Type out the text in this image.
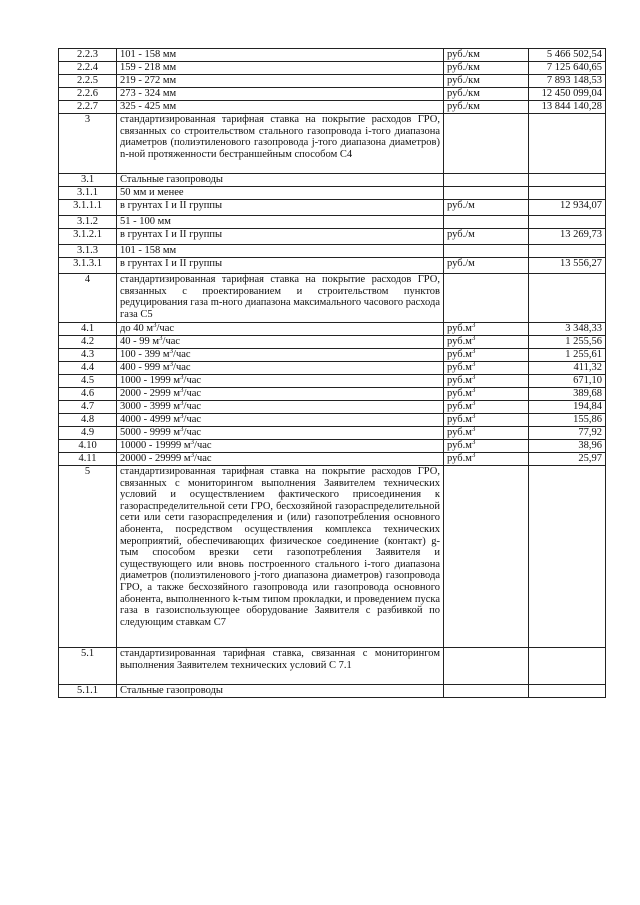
2.2.3	101 - 158 мм	руб./км	5 466 502,54
2.2.4	159 - 218 мм	руб./км	7 125 640,65
2.2.5	219 - 272 мм	руб./км	7 893 148,53
2.2.6	273 - 324 мм	руб./км	12 450 099,04
2.2.7	325 - 425 мм	руб./км	13 844 140,28
3	стандартизированная тарифная ставка на покрытие расходов ГРО, связанных со строительством стального газопровода i-того диапазона диаметров (полиэтиленового газопровода j-того диапазона диаметров) n-ной протяженности бестраншейным способом С4		
3.1	Стальные газопроводы		
3.1.1	50 мм и менее		
3.1.1.1	в грунтах I и II группы	руб./м	12 934,07
3.1.2	51 - 100 мм		
3.1.2.1	в грунтах I и II группы	руб./м	13 269,73
3.1.3	101 - 158 мм		
3.1.3.1	в грунтах I и II группы	руб./м	13 556,27
4	стандартизированная тарифная ставка на покрытие расходов ГРО, связанных с проектированием и строительством пунктов редуцирования газа m-ного диапазона максимального часового расхода газа С5		
4.1	до 40 $м^3$/час	$руб.м^3$	3 348,33
4.2	40 - 99 $м^3$/час	$руб.м^3$	1 255,56
4.3	100 - 399 $м^3$/час	$руб.м^3$	1 255,61
4.4	400 - 999 $м^3$/час	$руб.м^3$	411,32
4.5	1000 - 1999 $м^3$/час	$руб.м^3$	671,10
4.6	2000 - 2999 $м^3$/час	$руб.м^3$	389,68
4.7	3000 - 3999 $м^3$/час	$руб.м^3$	194,84
4.8	4000 - 4999 $м^3$/час	$руб.м^3$	155,86
4.9	5000 - 9999 $м^3$/час	$руб.м^3$	77,92
4.10	10000 - 19999 $м^3$/час	$руб.м^3$	38,96
4.11	20000 - 29999 $м^3$/час	$руб.м^3$	25,97
5	стандартизированная тарифная ставка на покрытие расходов ГРО, связанных с мониторингом выполнения Заявителем технических условий и осуществлением фактического присоединения к газораспределительной сети ГРО, бесхозяйной газораспределительной сети или сети газораспределения и (или) газопотребления основного абонента, посредством осуществления комплекса технических мероприятий, обеспечивающих физическое соединение (контакт) g-тым способом врезки сети газопотребления Заявителя и существующего или вновь построенного стального i-того диапазона диаметров (полиэтиленового j-того диапазона диаметров) газопровода ГРО, а также бесхозяйного газопровода или газопровода основного абонента, выполненного k-тым типом прокладки, и проведением пуска газа в газоиспользующее оборудование Заявителя с разбивкой по следующим ставкам С7		
5.1	стандартизированная тарифная ставка, связанная с мониторингом выполнения Заявителем технических условий С 7.1		
5.1.1	Стальные газопроводы		
